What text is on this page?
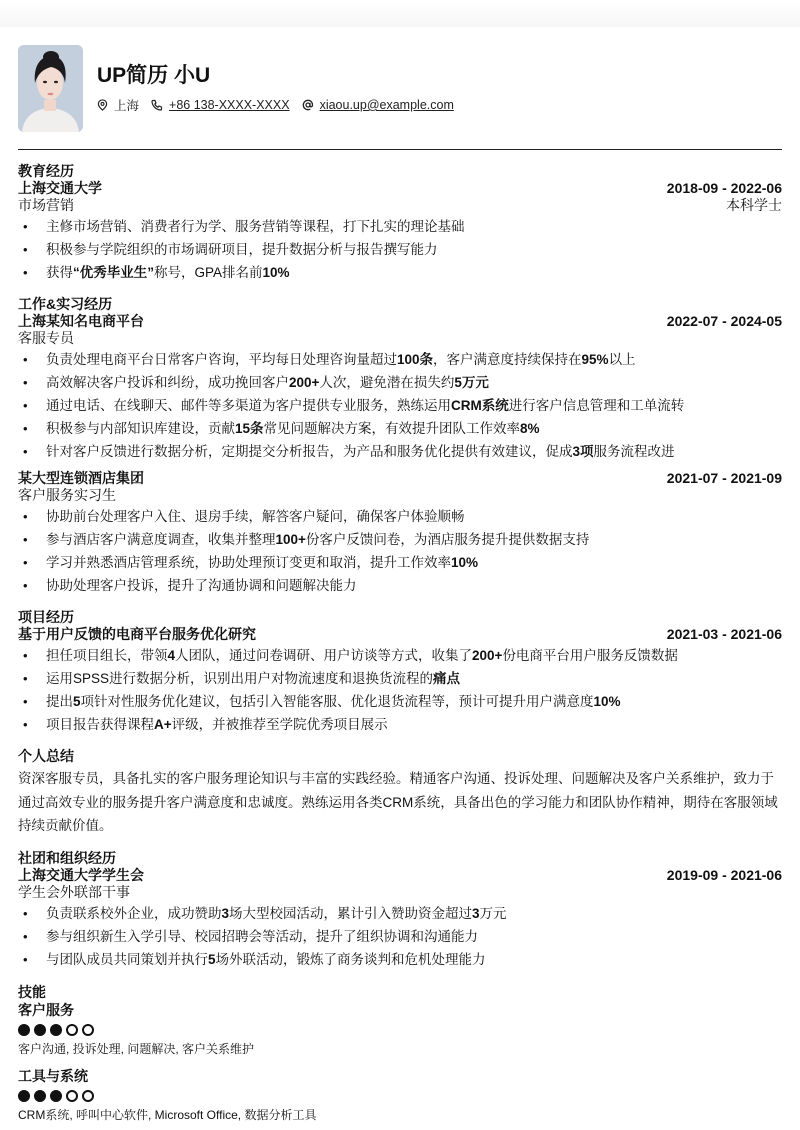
UP简历 小U
上海 +86 138-XXXX-XXXX xiaou.up@example.com
教育经历
上海交通大学	2018-09 - 2022-06
市场营销	本科学士
• 主修市场营销、消费者行为学、服务营销等课程，打下扎实的理论基础
• 积极参与学院组织的市场调研项目，提升数据分析与报告撰写能力
• 获得“优秀毕业生”称号，GPA排名前10%
工作&实习经历
上海某知名电商平台	2022-07 - 2024-05
客服专员
• 负责处理电商平台日常客户咨询，平均每日处理咨询量超过100条，客户满意度持续保持在95%以上
• 高效解决客户投诉和纠纷，成功挽回客户200+人次，避免潜在损失约5万元
• 通过电话、在线聊天、邮件等多渠道为客户提供专业服务，熟练运用CRM系统进行客户信息管理和工单流转
• 积极参与内部知识库建设，贡献15条常见问题解决方案，有效提升团队工作效率8%
• 针对客户反馈进行数据分析，定期提交分析报告，为产品和服务优化提供有效建议，促成3项服务流程改进
某大型连锁酒店集团	2021-07 - 2021-09
客户服务实习生
• 协助前台处理客户入住、退房手续，解答客户疑问，确保客户体验顺畅
• 参与酒店客户满意度调查，收集并整理100+份客户反馈问卷，为酒店服务提升提供数据支持
• 学习并熟悉酒店管理系统，协助处理预订变更和取消，提升工作效率10%
• 协助处理客户投诉，提升了沟通协调和问题解决能力
项目经历
基于用户反馈的电商平台服务优化研究	2021-03 - 2021-06
• 担任项目组长，带领4人团队，通过问卷调研、用户访谈等方式，收集了200+份电商平台用户服务反馈数据
• 运用SPSS进行数据分析，识别出用户对物流速度和退换货流程的痛点
• 提出5项针对性服务优化建议，包括引入智能客服、优化退货流程等，预计可提升用户满意度10%
• 项目报告获得课程A+评级，并被推荐至学院优秀项目展示
个人总结
资深客服专员，具备扎实的客户服务理论知识与丰富的实践经验。精通客户沟通、投诉处理、问题解决及客户关系维护，致力于通过高效专业的服务提升客户满意度和忠诚度。熟练运用各类CRM系统，具备出色的学习能力和团队协作精神，期待在客服领域持续贡献价值。
社团和组织经历
上海交通大学学生会	2019-09 - 2021-06
学生会外联部干事
• 负责联系校外企业，成功赞助3场大型校园活动，累计引入赞助资金超过3万元
• 参与组织新生入学引导、校园招聘会等活动，提升了组织协调和沟通能力
• 与团队成员共同策划并执行5场外联活动，锻炼了商务谈判和危机处理能力
技能
客户服务
客户沟通, 投诉处理, 问题解决, 客户关系维护
工具与系统
CRM系统, 呼叫中心软件, Microsoft Office, 数据分析工具
